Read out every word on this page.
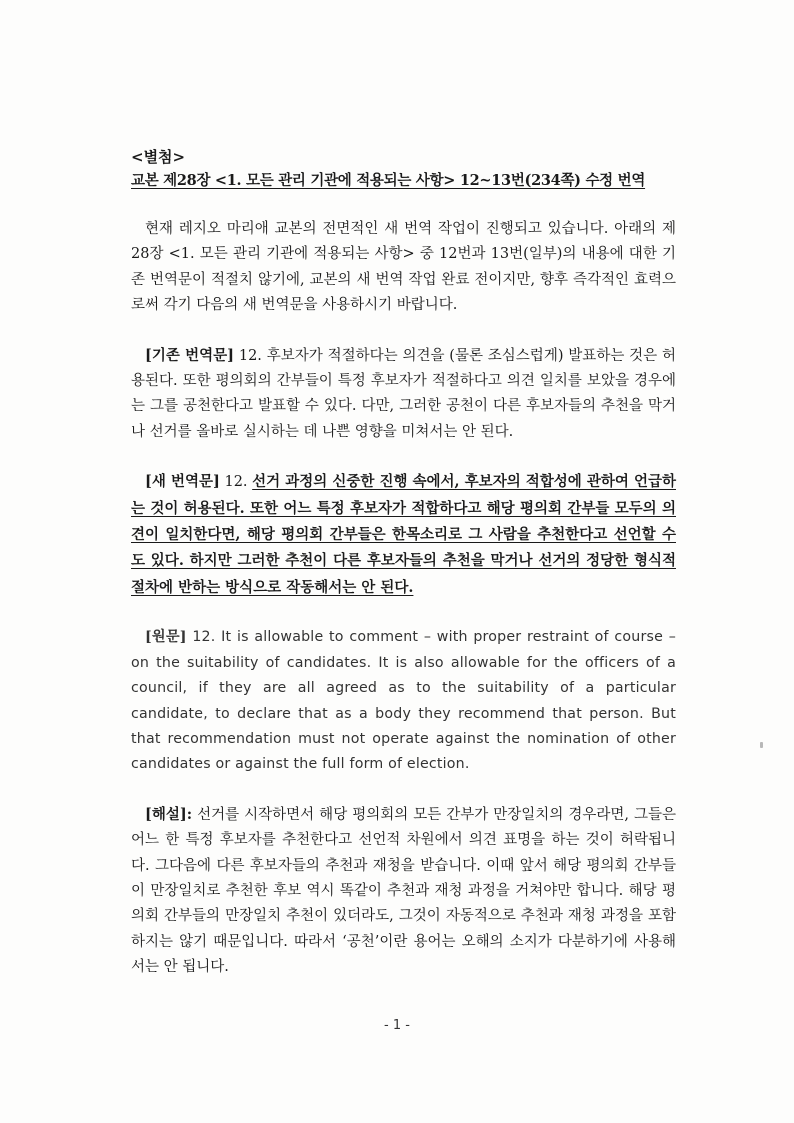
<별첨>
교본 제28장 <1. 모든 관리 기관에 적용되는 사항> 12~13번(234쪽) 수정 번역

현재 레지오 마리애 교본의 전면적인 새 번역 작업이 진행되고 있습니다. 아래의 제28장 <1. 모든 관리 기관에 적용되는 사항> 중 12번과 13번(일부)의 내용에 대한 기존 번역문이 적절치 않기에, 교본의 새 번역 작업 완료 전이지만, 향후 즉각적인 효력으로써 각기 다음의 새 번역문을 사용하시기 바랍니다.

[기존 번역문] 12. 후보자가 적절하다는 의견을 (물론 조심스럽게) 발표하는 것은 허용된다. 또한 평의회의 간부들이 특정 후보자가 적절하다고 의견 일치를 보았을 경우에는 그를 공천한다고 발표할 수 있다. 다만, 그러한 공천이 다른 후보자들의 추천을 막거나 선거를 올바로 실시하는 데 나쁜 영향을 미쳐서는 안 된다.

[새 번역문] 12. 선거 과정의 신중한 진행 속에서, 후보자의 적합성에 관하여 언급하는 것이 허용된다. 또한 어느 특정 후보자가 적합하다고 해당 평의회 간부들 모두의 의견이 일치한다면, 해당 평의회 간부들은 한목소리로 그 사람을 추천한다고 선언할 수도 있다. 하지만 그러한 추천이 다른 후보자들의 추천을 막거나 선거의 정당한 형식적 절차에 반하는 방식으로 작동해서는 안 된다.

[원문] 12. It is allowable to comment – with proper restraint of course – on the suitability of candidates. It is also allowable for the officers of a council, if they are all agreed as to the suitability of a particular candidate, to declare that as a body they recommend that person. But that recommendation must not operate against the nomination of other candidates or against the full form of election.

[해설]: 선거를 시작하면서 해당 평의회의 모든 간부가 만장일치의 경우라면, 그들은 어느 한 특정 후보자를 추천한다고 선언적 차원에서 의견 표명을 하는 것이 허락됩니다. 그다음에 다른 후보자들의 추천과 재청을 받습니다. 이때 앞서 해당 평의회 간부들이 만장일치로 추천한 후보 역시 똑같이 추천과 재청 과정을 거쳐야만 합니다. 해당 평의회 간부들의 만장일치 추천이 있더라도, 그것이 자동적으로 추천과 재청 과정을 포함하지는 않기 때문입니다. 따라서 ‘공천’이란 용어는 오해의 소지가 다분하기에 사용해서는 안 됩니다.

- 1 -
